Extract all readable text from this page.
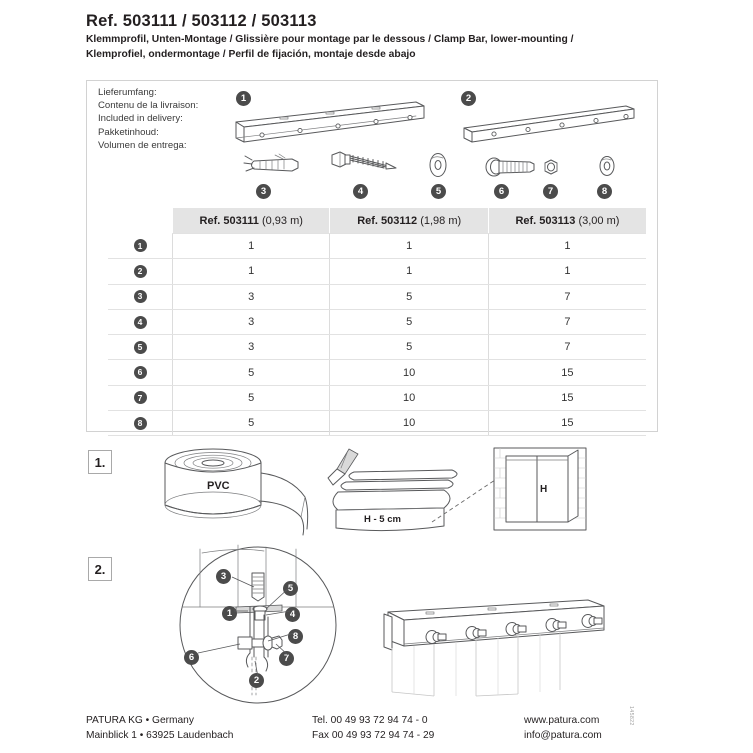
Ref. 503111 / 503112 / 503113
Klemmprofil, Unten-Montage / Glissière pour montage par le dessous / Clamp Bar, lower-mounting /
Klemprofiel, ondermontage / Perfil de fijación, montaje desde abajo
Lieferumfang:
Contenu de la livraison:
Included in delivery:
Pakketinhoud:
Volumen de entrega:
1	2
3	4	5	6	7	8
	Ref. 503111 (0,93 m)	Ref. 503112 (1,98 m)	Ref. 503113 (3,00 m)
1	1	1	1
2	1	1	1
3	3	5	7
4	3	5	7
5	3	5	7
6	5	10	15
7	5	10	15
8	5	10	15
1.
PVC
H - 5 cm
H
2.	3
5
1	4
8
6	7
2
PATURA KG • Germany
Mainblick 1 • 63925 Laudenbach
Tel. 00 49 93 72 94 74 - 0
Fax 00 49 93 72 94 74 - 29
www.patura.com
info@patura.com
145822
